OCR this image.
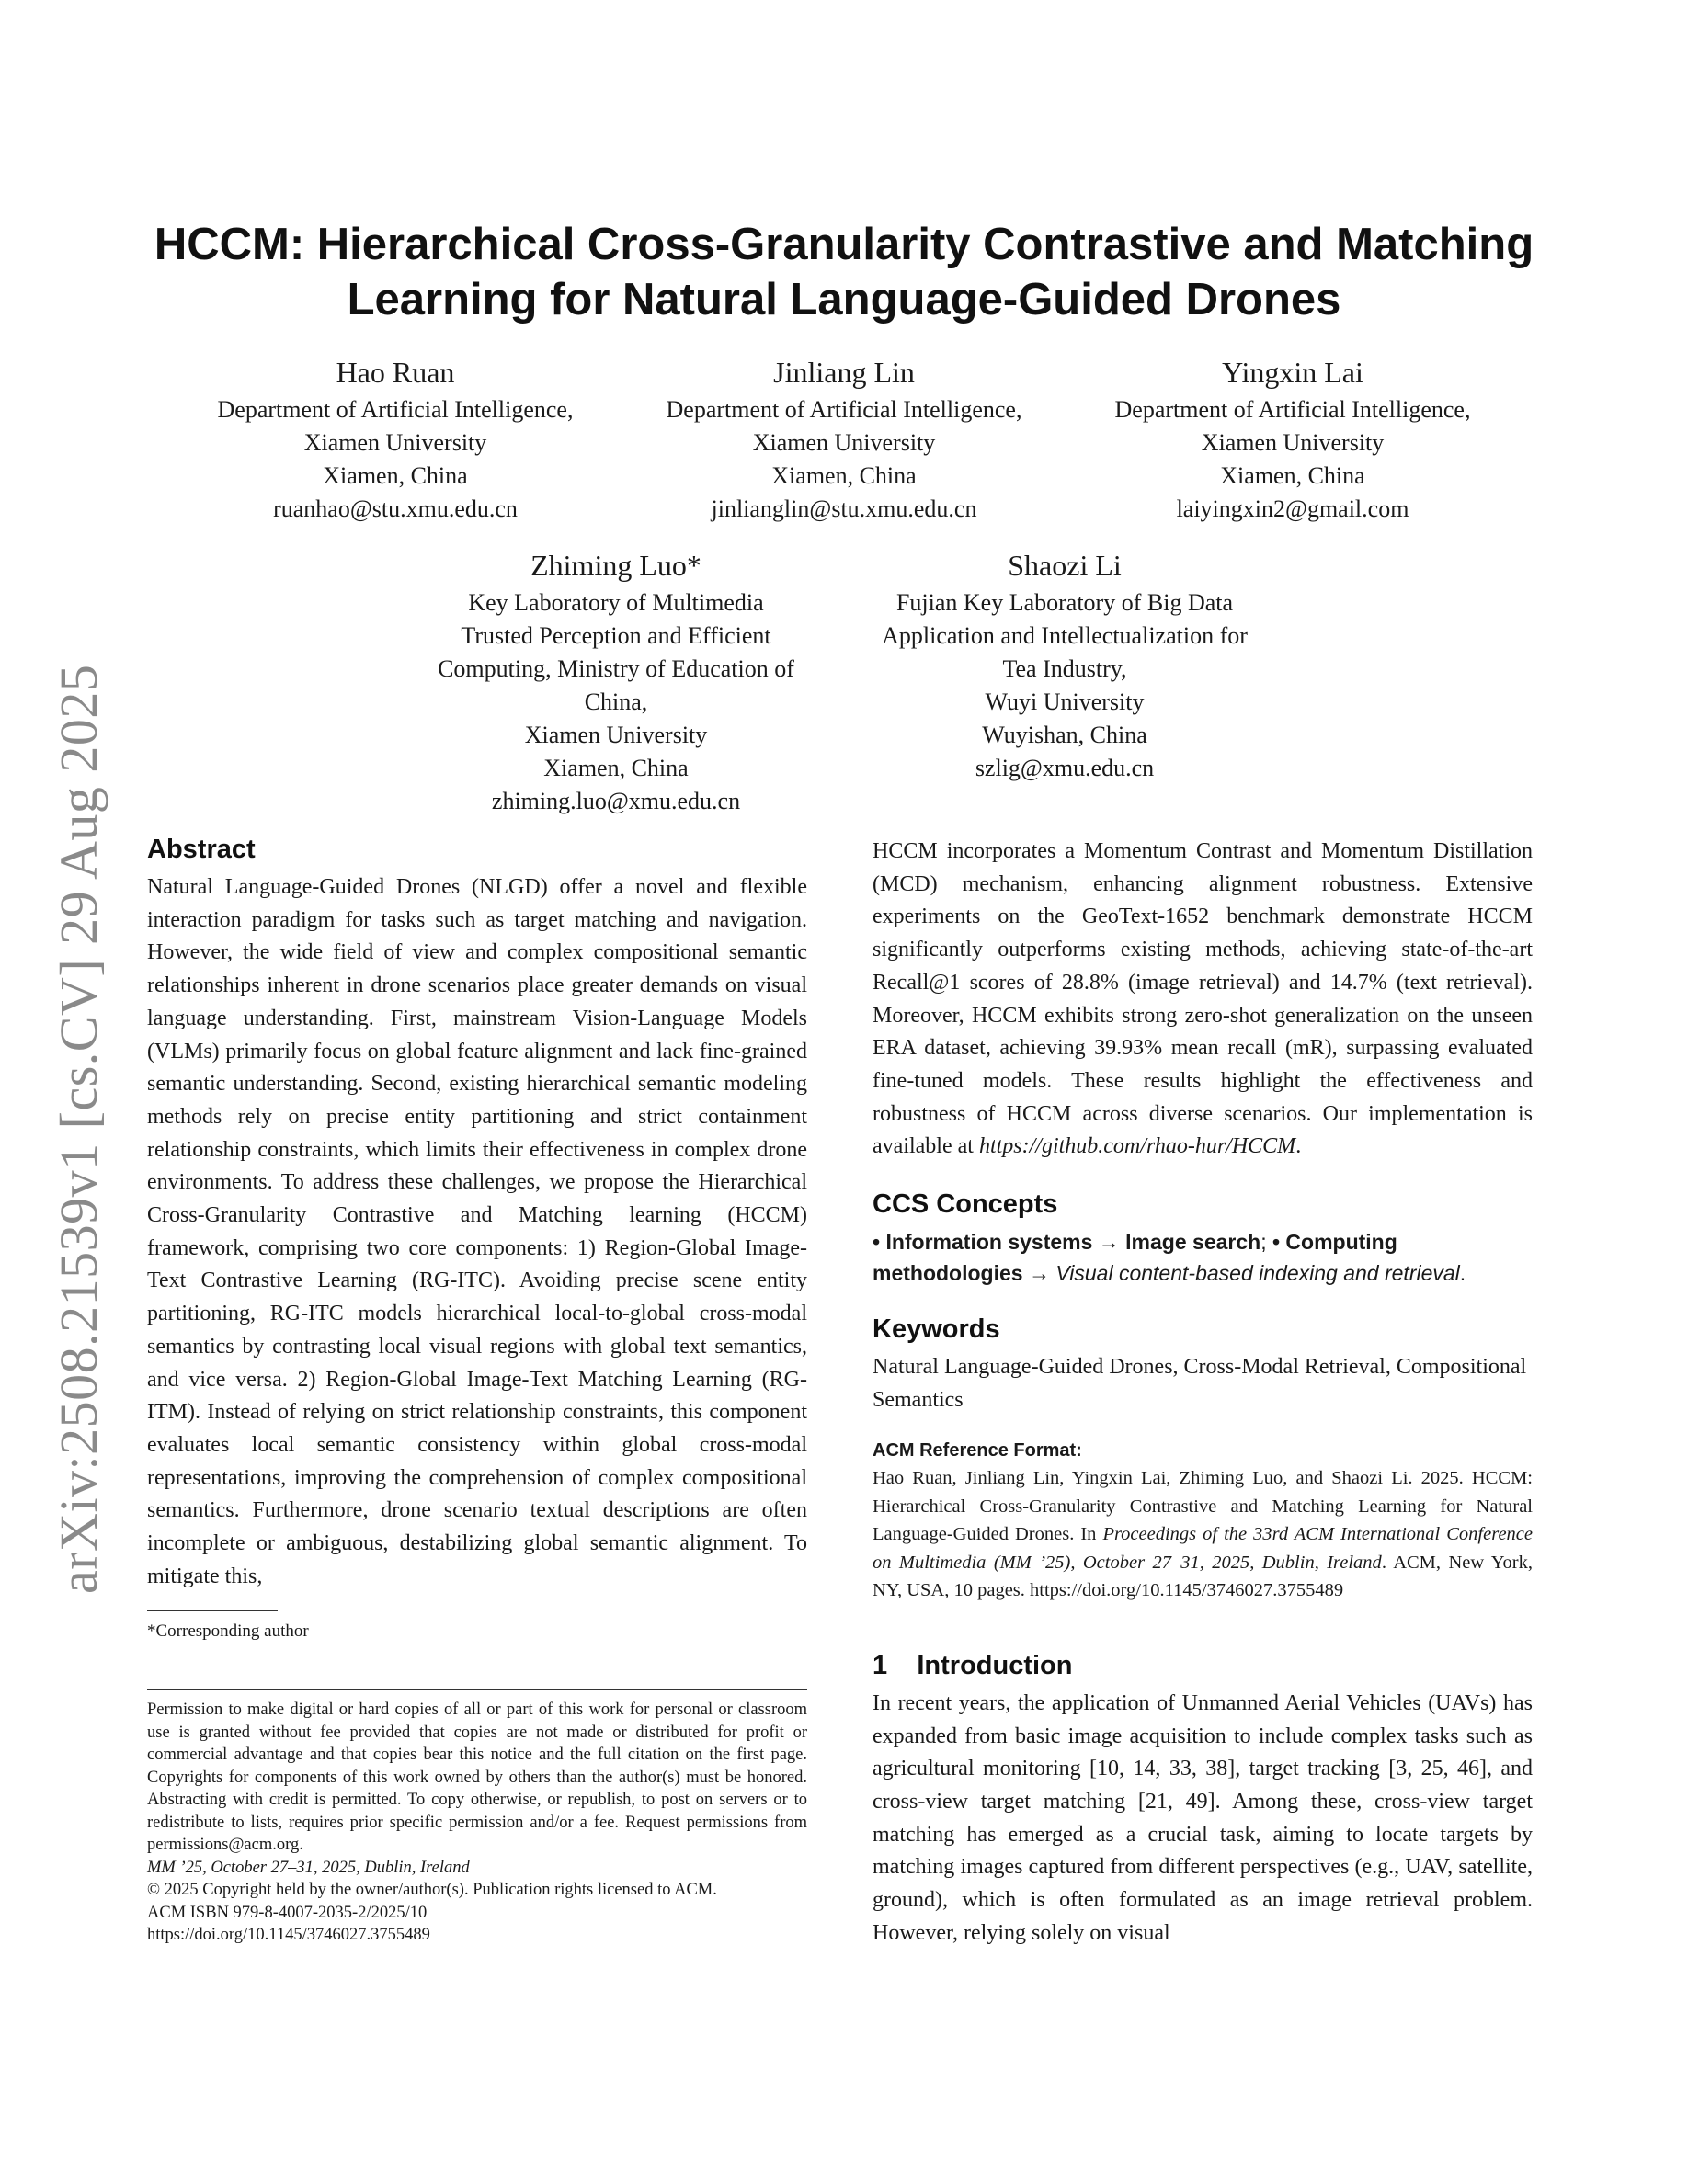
arXiv:2508.21539v1 [cs.CV] 29 Aug 2025
HCCM: Hierarchical Cross-Granularity Contrastive and Matching
Learning for Natural Language-Guided Drones
Hao Ruan
Department of Artificial Intelligence,
Xiamen University
Xiamen, China
ruanhao@stu.xmu.edu.cn
Jinliang Lin
Department of Artificial Intelligence,
Xiamen University
Xiamen, China
jinlianglin@stu.xmu.edu.cn
Yingxin Lai
Department of Artificial Intelligence,
Xiamen University
Xiamen, China
laiyingxin2@gmail.com
Zhiming Luo*
Key Laboratory of Multimedia
Trusted Perception and Efficient
Computing, Ministry of Education of
China,
Xiamen University
Xiamen, China
zhiming.luo@xmu.edu.cn
Shaozi Li
Fujian Key Laboratory of Big Data
Application and Intellectualization for
Tea Industry,
Wuyi University
Wuyishan, China
szlig@xmu.edu.cn
Abstract

Natural Language-Guided Drones (NLGD) offer a novel and flexible interaction paradigm for tasks such as target matching and navigation. However, the wide field of view and complex compositional semantic relationships inherent in drone scenarios place greater demands on visual language understanding. First, mainstream Vision-Language Models (VLMs) primarily focus on global feature alignment and lack fine-grained semantic understanding. Second, existing hierarchical semantic modeling methods rely on precise entity partitioning and strict containment relationship constraints, which limits their effectiveness in complex drone environments. To address these challenges, we propose the Hierarchical Cross-Granularity Contrastive and Matching learning (HCCM) framework, comprising two core components: 1) Region-Global Image-Text Contrastive Learning (RG-ITC). Avoiding precise scene entity partitioning, RG-ITC models hierarchical local-to-global cross-modal semantics by contrasting local visual regions with global text semantics, and vice versa. 2) Region-Global Image-Text Matching Learning (RG-ITM). Instead of relying on strict relationship constraints, this component evaluates local semantic consistency within global cross-modal representations, improving the comprehension of complex compositional semantics. Furthermore, drone scenario textual descriptions are often incomplete or ambiguous, destabilizing global semantic alignment. To mitigate this,

*Corresponding author
Permission to make digital or hard copies of all or part of this work for personal or classroom use is granted without fee provided that copies are not made or distributed for profit or commercial advantage and that copies bear this notice and the full citation on the first page. Copyrights for components of this work owned by others than the author(s) must be honored. Abstracting with credit is permitted. To copy otherwise, or republish, to post on servers or to redistribute to lists, requires prior specific permission and/or a fee. Request permissions from permissions@acm.org.
MM ’25, October 27–31, 2025, Dublin, Ireland
© 2025 Copyright held by the owner/author(s). Publication rights licensed to ACM.
ACM ISBN 979-8-4007-2035-2/2025/10
https://doi.org/10.1145/3746027.3755489

HCCM incorporates a Momentum Contrast and Momentum Distillation (MCD) mechanism, enhancing alignment robustness. Extensive experiments on the GeoText-1652 benchmark demonstrate HCCM significantly outperforms existing methods, achieving state-of-the-art Recall@1 scores of 28.8% (image retrieval) and 14.7% (text retrieval). Moreover, HCCM exhibits strong zero-shot generalization on the unseen ERA dataset, achieving 39.93% mean recall (mR), surpassing evaluated fine-tuned models. These results highlight the effectiveness and robustness of HCCM across diverse scenarios. Our implementation is available at https://github.com/rhao-hur/HCCM.

CCS Concepts

• Information systems → Image search; • Computing methodologies → Visual content-based indexing and retrieval.

Keywords

Natural Language-Guided Drones, Cross-Modal Retrieval, Compositional Semantics

ACM Reference Format:

Hao Ruan, Jinliang Lin, Yingxin Lai, Zhiming Luo, and Shaozi Li. 2025. HCCM: Hierarchical Cross-Granularity Contrastive and Matching Learning for Natural Language-Guided Drones. In Proceedings of the 33rd ACM International Conference on Multimedia (MM ’25), October 27–31, 2025, Dublin, Ireland. ACM, New York, NY, USA, 10 pages. https://doi.org/10.1145/3746027.3755489

1    Introduction

In recent years, the application of Unmanned Aerial Vehicles (UAVs) has expanded from basic image acquisition to include complex tasks such as agricultural monitoring [10, 14, 33, 38], target tracking [3, 25, 46], and cross-view target matching [21, 49]. Among these, cross-view target matching has emerged as a crucial task, aiming to locate targets by matching images captured from different perspectives (e.g., UAV, satellite, ground), which is often formulated as an image retrieval problem. However, relying solely on visual
